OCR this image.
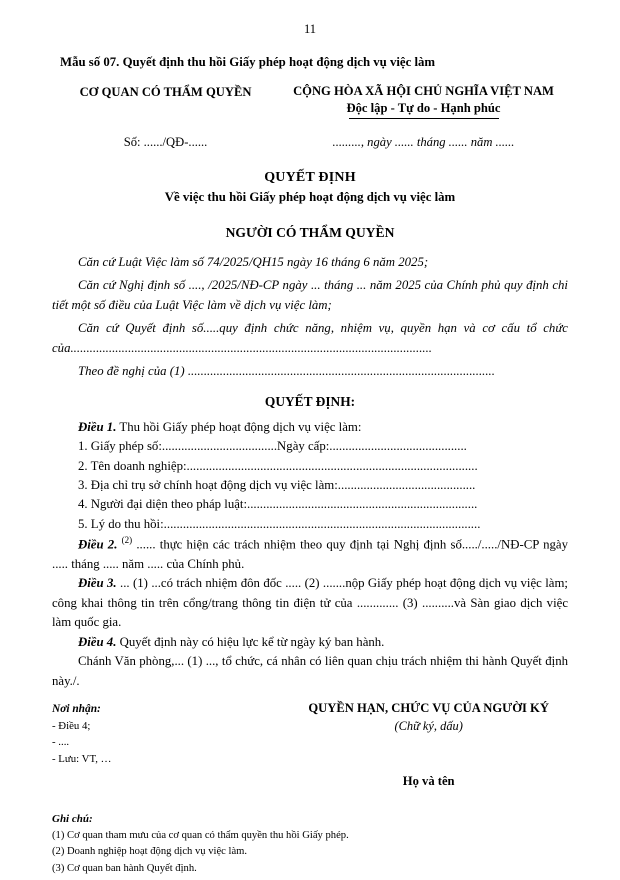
11
Mẫu số 07. Quyết định thu hồi Giấy phép hoạt động dịch vụ việc làm
CƠ QUAN CÓ THẨM QUYỀN	CỘNG HÒA XÃ HỘI CHỦ NGHĨA VIỆT NAM
Độc lập - Tự do - Hạnh phúc
Số: ....../QĐ-......	........., ngày ...... tháng ...... năm ......
QUYẾT ĐỊNH
Về việc thu hồi Giấy phép hoạt động dịch vụ việc làm
NGƯỜI CÓ THẨM QUYỀN
Căn cứ Luật Việc làm số 74/2025/QH15 ngày 16 tháng 6 năm 2025;
Căn cứ Nghị định số ...., /2025/NĐ-CP ngày ... tháng ... năm 2025 của Chính phủ quy định chi tiết một số điều của Luật Việc làm về dịch vụ việc làm;
Căn cứ Quyết định số.....quy định chức năng, nhiệm vụ, quyền hạn và cơ cấu tổ chức của.................................................................................................................
Theo đề nghị của (1) ................................................................................................
QUYẾT ĐỊNH:
Điều 1. Thu hồi Giấy phép hoạt động dịch vụ việc làm:
1. Giấy phép số:....................................Ngày cấp:...........................................
2. Tên doanh nghiệp:...........................................................................................
3. Địa chỉ trụ sở chính hoạt động dịch vụ việc làm:...........................................
4. Người đại diện theo pháp luật:........................................................................
5. Lý do thu hồi:...................................................................................................
Điều 2. $^{(2)}$ ...... thực hiện các trách nhiệm theo quy định tại Nghị định số...../...../NĐ-CP ngày ..... tháng ..... năm ..... của Chính phủ.
Điều 3. ... (1) ...có trách nhiệm đôn đốc ..... (2) .......nộp Giấy phép hoạt động dịch vụ việc làm; công khai thông tin trên cổng/trang thông tin điện tử của ............. (3) ..........và Sàn giao dịch việc làm quốc gia.
Điều 4. Quyết định này có hiệu lực kể từ ngày ký ban hành.
Chánh Văn phòng,... (1) ..., tổ chức, cá nhân có liên quan chịu trách nhiệm thi hành Quyết định này./.
Nơi nhận:
- Điều 4;
- ....
- Lưu: VT, …
QUYỀN HẠN, CHỨC VỤ CỦA NGƯỜI KÝ
(Chữ ký, dấu)
Họ và tên
Ghi chú:
(1) Cơ quan tham mưu của cơ quan có thẩm quyền thu hồi Giấy phép.
(2) Doanh nghiệp hoạt động dịch vụ việc làm.
(3) Cơ quan ban hành Quyết định.
